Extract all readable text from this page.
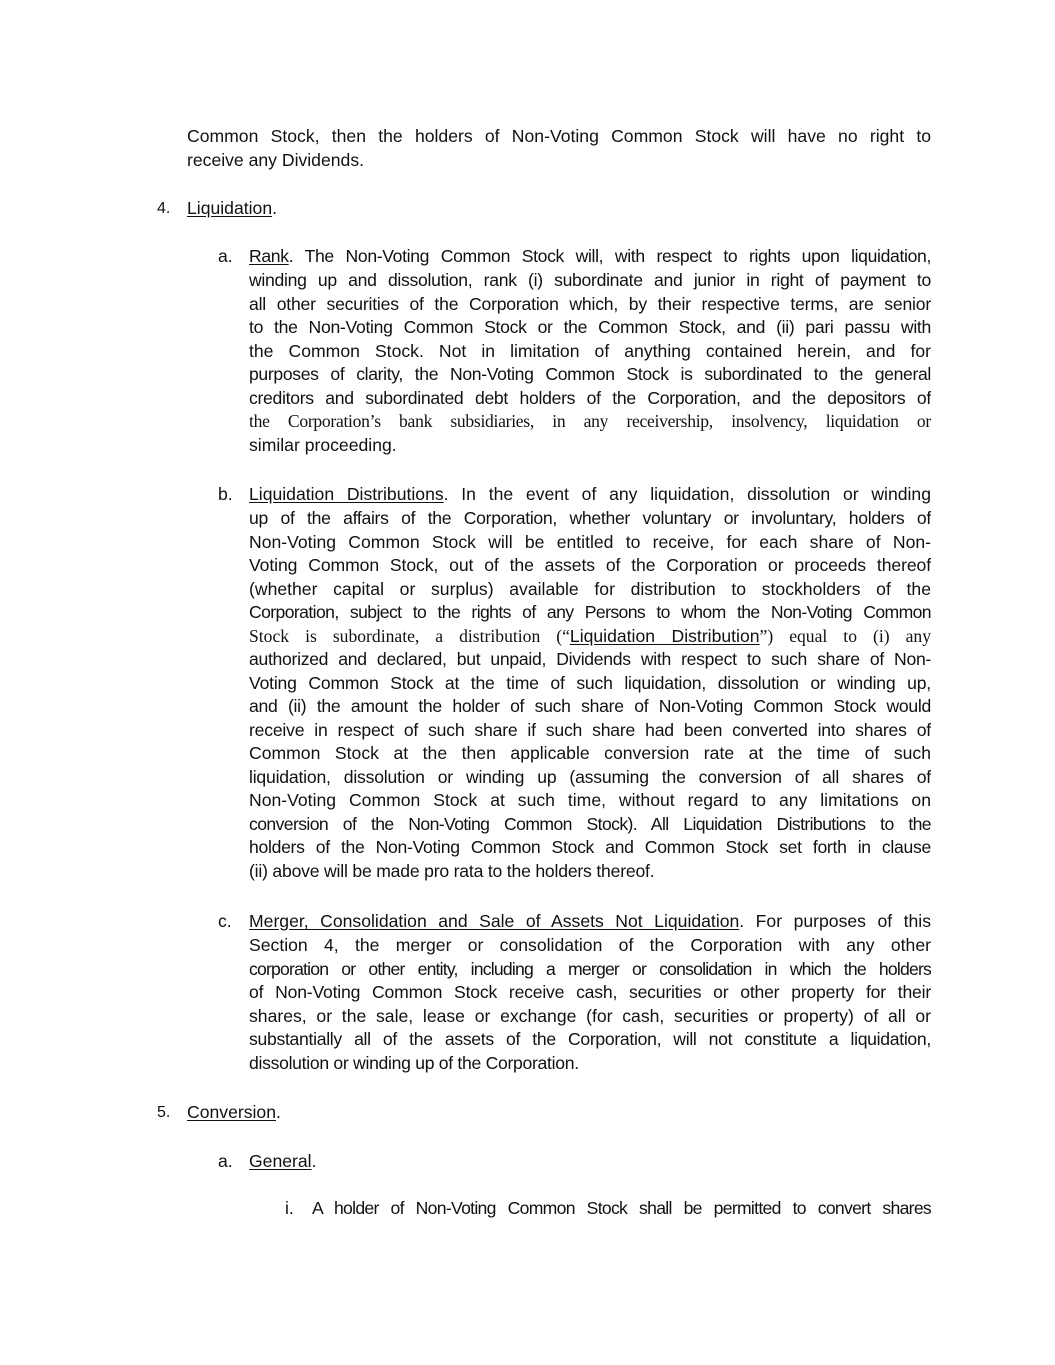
Common Stock, then the holders of Non-Voting Common Stock will have no right to
receive any Dividends.
4. Liquidation.
a. Rank. The Non-Voting Common Stock will, with respect to rights upon liquidation,
winding up and dissolution, rank (i) subordinate and junior in right of payment to
all other securities of the Corporation which, by their respective terms, are senior
to the Non-Voting Common Stock or the Common Stock, and (ii) pari passu with
the Common Stock. Not in limitation of anything contained herein, and for
purposes of clarity, the Non-Voting Common Stock is subordinated to the general
creditors and subordinated debt holders of the Corporation, and the depositors of
the Corporation’s bank subsidiaries, in any receivership, insolvency, liquidation or
similar proceeding.
b. Liquidation Distributions. In the event of any liquidation, dissolution or winding
up of the affairs of the Corporation, whether voluntary or involuntary, holders of
Non-Voting Common Stock will be entitled to receive, for each share of Non-
Voting Common Stock, out of the assets of the Corporation or proceeds thereof
(whether capital or surplus) available for distribution to stockholders of the
Corporation, subject to the rights of any Persons to whom the Non-Voting Common
Stock is subordinate, a distribution (“Liquidation Distribution”) equal to (i) any
authorized and declared, but unpaid, Dividends with respect to such share of Non-
Voting Common Stock at the time of such liquidation, dissolution or winding up,
and (ii) the amount the holder of such share of Non-Voting Common Stock would
receive in respect of such share if such share had been converted into shares of
Common Stock at the then applicable conversion rate at the time of such
liquidation, dissolution or winding up (assuming the conversion of all shares of
Non-Voting Common Stock at such time, without regard to any limitations on
conversion of the Non-Voting Common Stock). All Liquidation Distributions to the
holders of the Non-Voting Common Stock and Common Stock set forth in clause
(ii) above will be made pro rata to the holders thereof.
c. Merger, Consolidation and Sale of Assets Not Liquidation. For purposes of this
Section 4, the merger or consolidation of the Corporation with any other
corporation or other entity, including a merger or consolidation in which the holders
of Non-Voting Common Stock receive cash, securities or other property for their
shares, or the sale, lease or exchange (for cash, securities or property) of all or
substantially all of the assets of the Corporation, will not constitute a liquidation,
dissolution or winding up of the Corporation.
5. Conversion.
a. General.
i. A holder of Non-Voting Common Stock shall be permitted to convert shares
